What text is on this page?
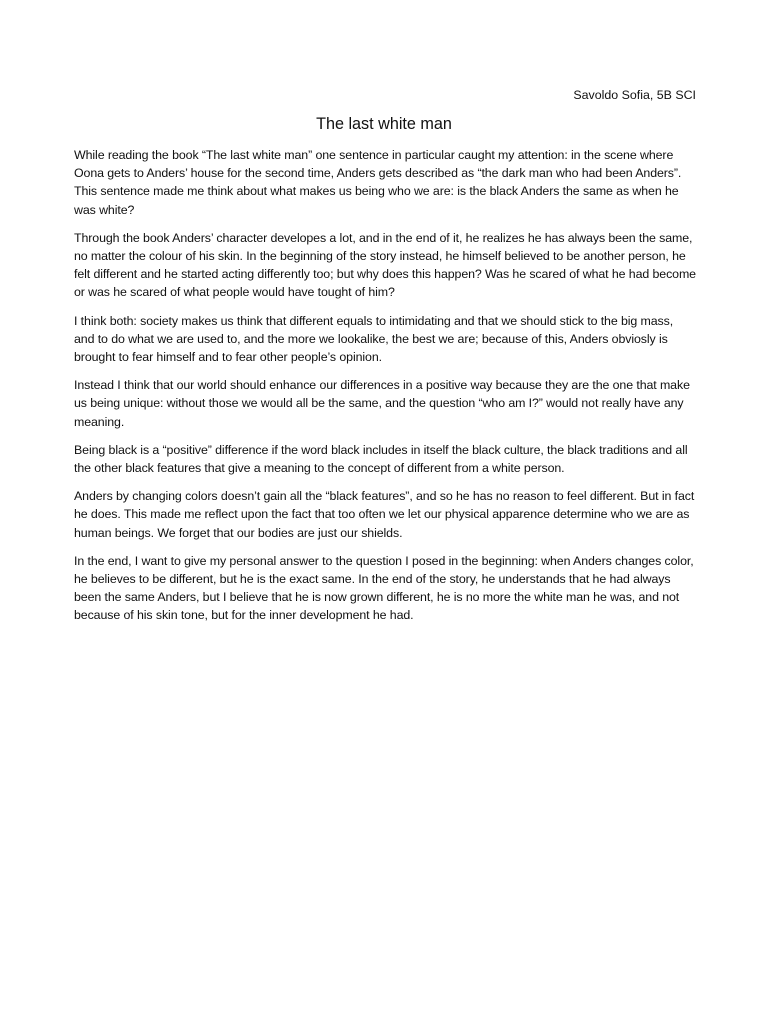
Savoldo Sofia, 5B SCI
The last white man

While reading the book “The last white man” one sentence in particular caught my attention: in the scene where Oona gets to Anders’ house for the second time, Anders gets described as “the dark man who had been Anders”. This sentence made me think about what makes us being who we are: is the black Anders the same as when he was white?

Through the book Anders’ character developes a lot, and in the end of it, he realizes he has always been the same, no matter the colour of his skin. In the beginning of the story instead, he himself believed to be another person, he felt different and he started acting differently too; but why does this happen? Was he scared of what he had become or was he scared of what people would have tought of him?

I think both: society makes us think that different equals to intimidating and that we should stick to the big mass, and to do what we are used to, and the more we lookalike, the best we are; because of this, Anders obviosly is brought to fear himself and to fear other people’s opinion.

Instead I think that our world should enhance our differences in a positive way because they are the one that make us being unique: without those we would all be the same, and the question “who am I?” would not really have any meaning.

Being black is a “positive” difference if the word black includes in itself the black culture, the black traditions and all the other black features that give a meaning to the concept of different from a white person.

Anders by changing colors doesn’t gain all the “black features”, and so he has no reason to feel different. But in fact he does. This made me reflect upon the fact that too often we let our physical apparence determine who we are as human beings. We forget that our bodies are just our shields.

In the end, I want to give my personal answer to the question I posed in the beginning: when Anders changes color, he believes to be different, but he is the exact same. In the end of the story, he understands that he had always been the same Anders, but I believe that he is now grown different, he is no more the white man he was, and not because of his skin tone, but for the inner development he had.
